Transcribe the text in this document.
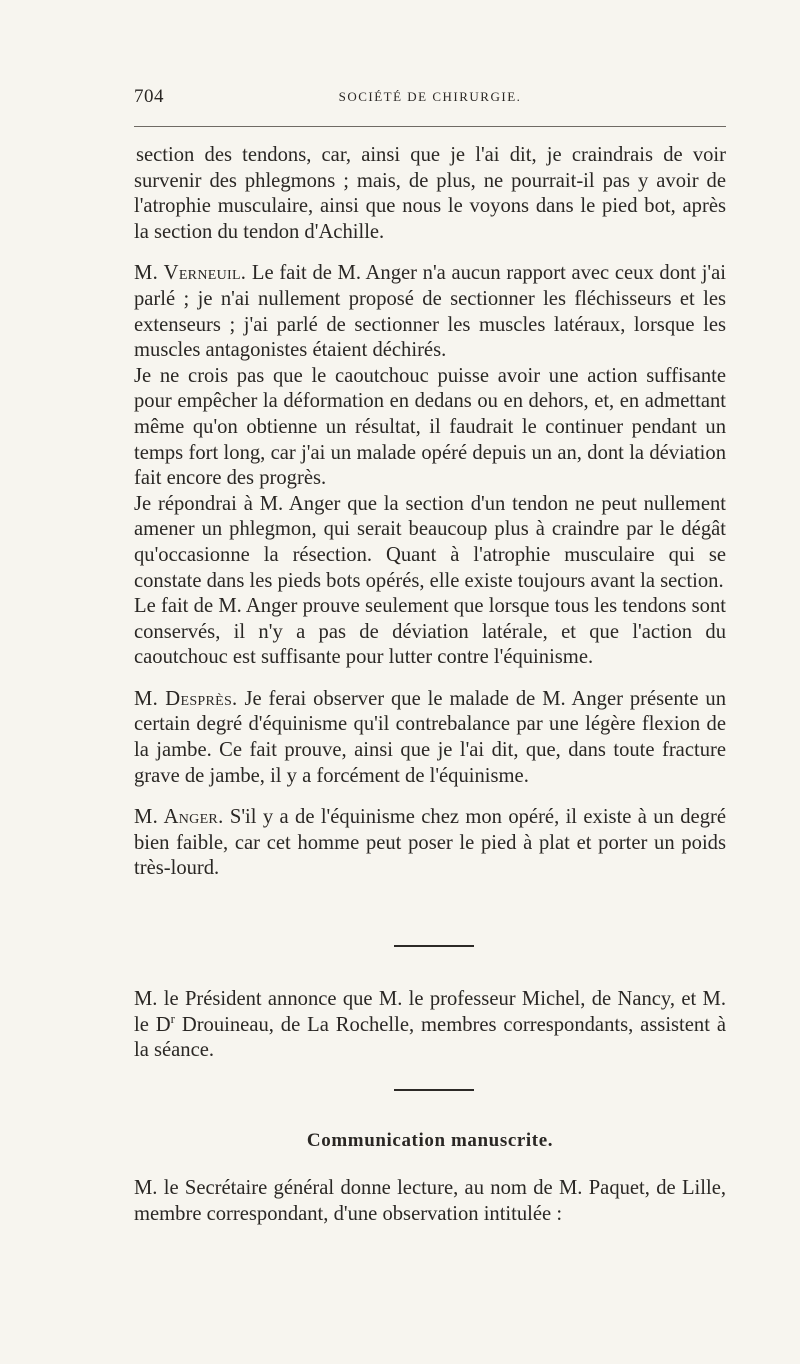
704	SOCIÉTÉ DE CHIRURGIE.

section des tendons, car, ainsi que je l'ai dit, je craindrais de voir survenir des phlegmons ; mais, de plus, ne pourrait-il pas y avoir de l'atrophie musculaire, ainsi que nous le voyons dans le pied bot, après la section du tendon d'Achille.

M. Verneuil. Le fait de M. Anger n'a aucun rapport avec ceux dont j'ai parlé ; je n'ai nullement proposé de sectionner les fléchisseurs et les extenseurs ; j'ai parlé de sectionner les muscles latéraux, lorsque les muscles antagonistes étaient déchirés.

Je ne crois pas que le caoutchouc puisse avoir une action suffisante pour empêcher la déformation en dedans ou en dehors, et, en admettant même qu'on obtienne un résultat, il faudrait le continuer pendant un temps fort long, car j'ai un malade opéré depuis un an, dont la déviation fait encore des progrès.

Je répondrai à M. Anger que la section d'un tendon ne peut nullement amener un phlegmon, qui serait beaucoup plus à craindre par le dégât qu'occasionne la résection. Quant à l'atrophie musculaire qui se constate dans les pieds bots opérés, elle existe toujours avant la section.

Le fait de M. Anger prouve seulement que lorsque tous les tendons sont conservés, il n'y a pas de déviation latérale, et que l'action du caoutchouc est suffisante pour lutter contre l'équinisme.

M. Desprès. Je ferai observer que le malade de M. Anger présente un certain degré d'équinisme qu'il contrebalance par une légère flexion de la jambe. Ce fait prouve, ainsi que je l'ai dit, que, dans toute fracture grave de jambe, il y a forcément de l'équinisme.

M. Anger. S'il y a de l'équinisme chez mon opéré, il existe à un degré bien faible, car cet homme peut poser le pied à plat et porter un poids très-lourd.

M. le Président annonce que M. le professeur Michel, de Nancy, et M. le $D^r$ Drouineau, de La Rochelle, membres correspondants, assistent à la séance.

Communication manuscrite.

M. le Secrétaire général donne lecture, au nom de M. Paquet, de Lille, membre correspondant, d'une observation intitulée :
